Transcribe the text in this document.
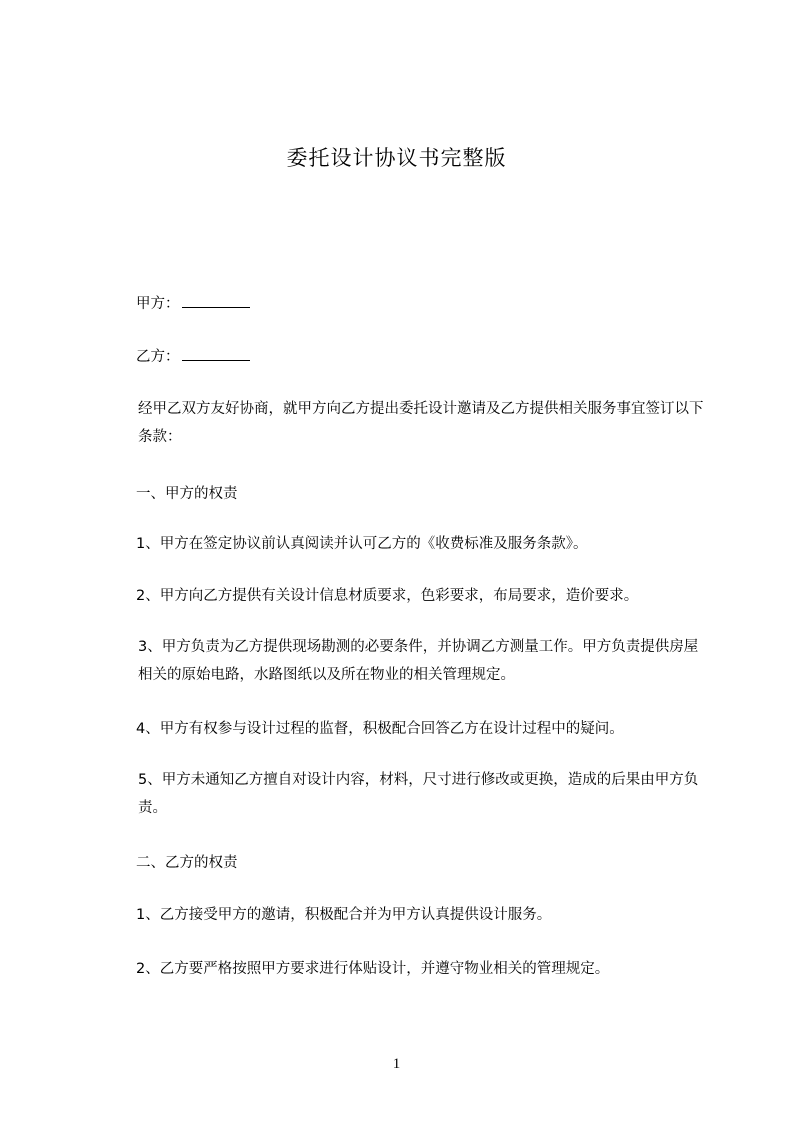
委托设计协议书完整版
甲方：
乙方：
经甲乙双方友好协商，就甲方向乙方提出委托设计邀请及乙方提供相关服务事宜签订以下条款：
一、甲方的权责
1、甲方在签定协议前认真阅读并认可乙方的《收费标准及服务条款》。
2、甲方向乙方提供有关设计信息材质要求，色彩要求，布局要求，造价要求。
3、甲方负责为乙方提供现场勘测的必要条件，并协调乙方测量工作。甲方负责提供房屋相关的原始电路，水路图纸以及所在物业的相关管理规定。
4、甲方有权参与设计过程的监督，积极配合回答乙方在设计过程中的疑问。
5、甲方未通知乙方擅自对设计内容，材料，尺寸进行修改或更换，造成的后果由甲方负责。
二、乙方的权责
1、乙方接受甲方的邀请，积极配合并为甲方认真提供设计服务。
2、乙方要严格按照甲方要求进行体贴设计，并遵守物业相关的管理规定。
1
